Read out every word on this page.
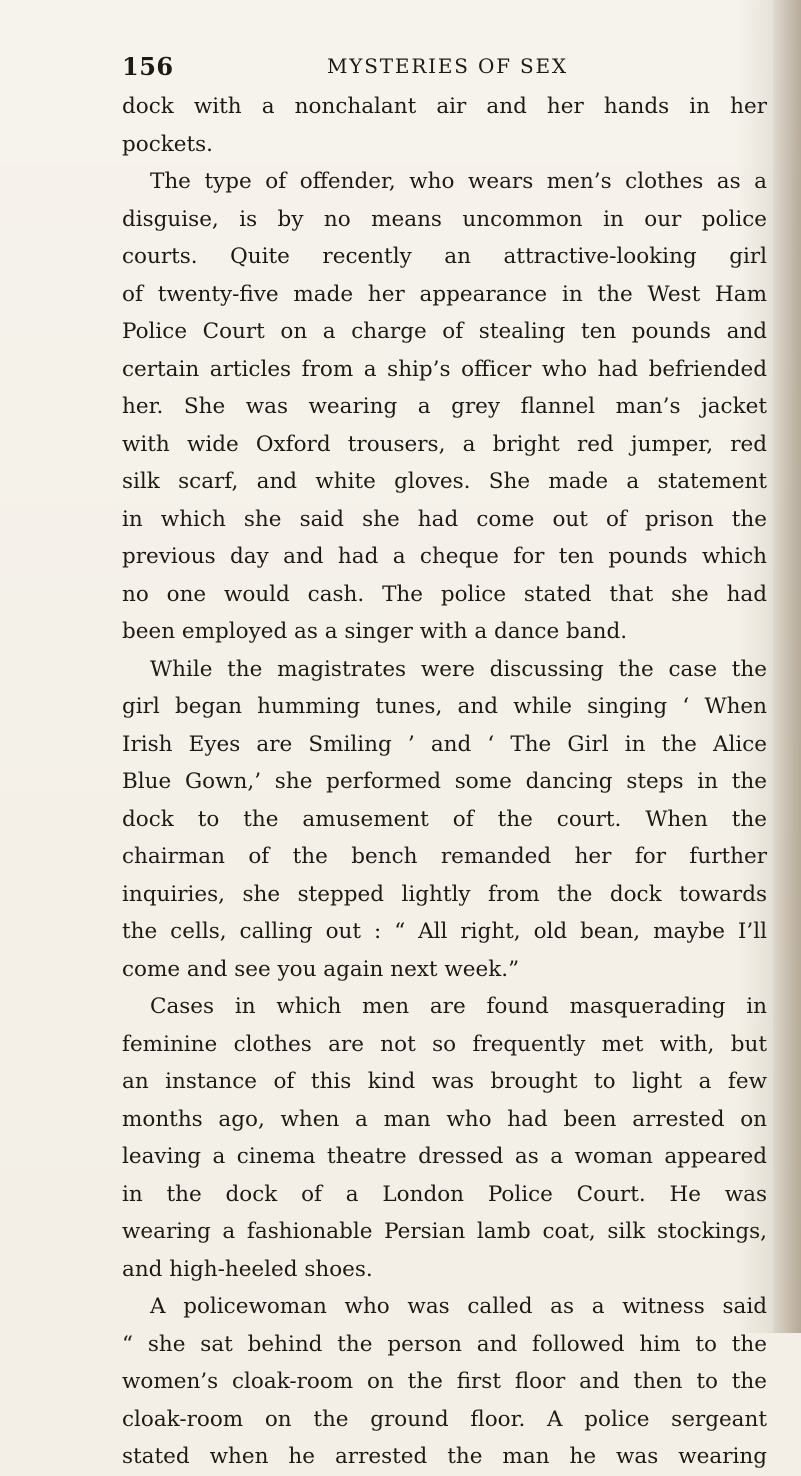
156	MYSTERIES OF SEX
dock with a nonchalant air and her hands in her
pockets.
The type of offender, who wears men’s clothes as a
disguise, is by no means uncommon in our police
courts. Quite recently an attractive-looking girl
of twenty-five made her appearance in the West Ham
Police Court on a charge of stealing ten pounds and
certain articles from a ship’s officer who had befriended
her. She was wearing a grey flannel man’s jacket
with wide Oxford trousers, a bright red jumper, red
silk scarf, and white gloves. She made a statement
in which she said she had come out of prison the
previous day and had a cheque for ten pounds which
no one would cash. The police stated that she had
been employed as a singer with a dance band.
While the magistrates were discussing the case the
girl began humming tunes, and while singing ‘ When
Irish Eyes are Smiling ’ and ‘ The Girl in the Alice
Blue Gown,’ she performed some dancing steps in the
dock to the amusement of the court. When the
chairman of the bench remanded her for further
inquiries, she stepped lightly from the dock towards
the cells, calling out : “ All right, old bean, maybe I’ll
come and see you again next week.”
Cases in which men are found masquerading in
feminine clothes are not so frequently met with, but
an instance of this kind was brought to light a few
months ago, when a man who had been arrested on
leaving a cinema theatre dressed as a woman appeared
in the dock of a London Police Court. He was
wearing a fashionable Persian lamb coat, silk stockings,
and high-heeled shoes.
A policewoman who was called as a witness said
“ she sat behind the person and followed him to the
women’s cloak-room on the first floor and then to the
cloak-room on the ground floor. A police sergeant
stated when he arrested the man he was wearing
